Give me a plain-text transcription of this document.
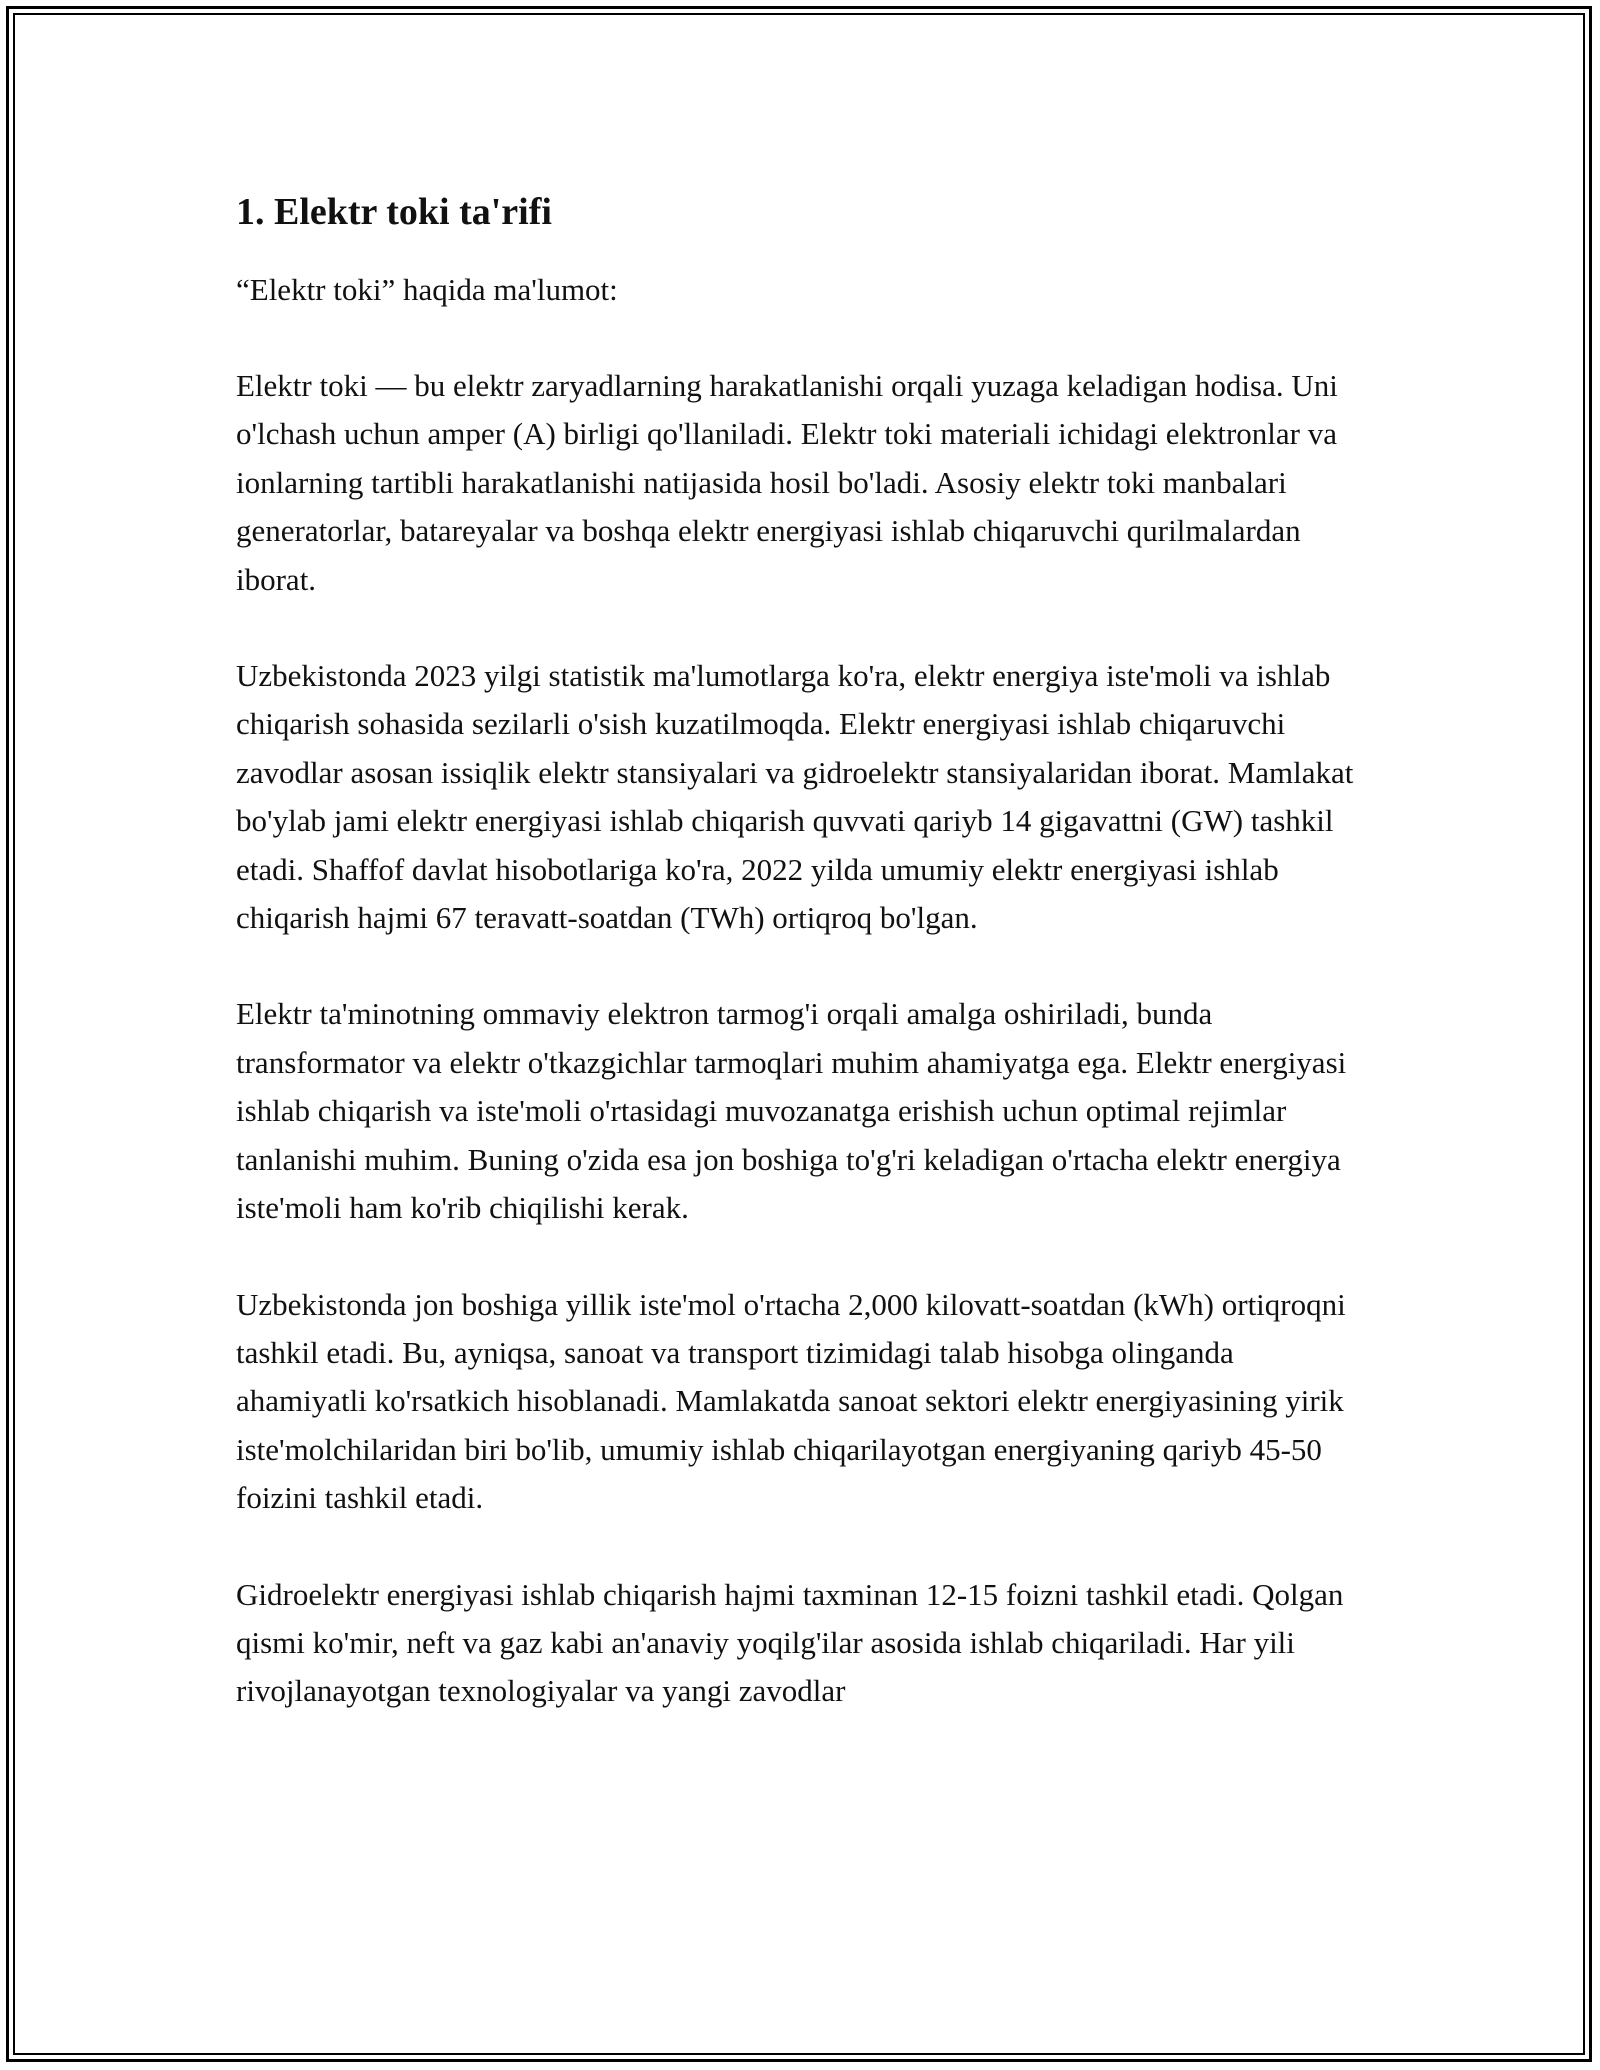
1. Elektr toki ta'rifi

“Elektr toki” haqida ma'lumot:

Elektr toki — bu elektr zaryadlarning harakatlanishi orqali yuzaga keladigan hodisa. Uni o'lchash uchun amper (A) birligi qo'llaniladi. Elektr toki materiali ichidagi elektronlar va ionlarning tartibli harakatlanishi natijasida hosil bo'ladi. Asosiy elektr toki manbalari generatorlar, batareyalar va boshqa elektr energiyasi ishlab chiqaruvchi qurilmalardan iborat.

Uzbekistonda 2023 yilgi statistik ma'lumotlarga ko'ra, elektr energiya iste'moli va ishlab chiqarish sohasida sezilarli o'sish kuzatilmoqda. Elektr energiyasi ishlab chiqaruvchi zavodlar asosan issiqlik elektr stansiyalari va gidroelektr stansiyalaridan iborat. Mamlakat bo'ylab jami elektr energiyasi ishlab chiqarish quvvati qariyb 14 gigavattni (GW) tashkil etadi. Shaffof davlat hisobotlariga ko'ra, 2022 yilda umumiy elektr energiyasi ishlab chiqarish hajmi 67 teravatt-soatdan (TWh) ortiqroq bo'lgan.

Elektr ta'minotning ommaviy elektron tarmog'i orqali amalga oshiriladi, bunda transformator va elektr o'tkazgichlar tarmoqlari muhim ahamiyatga ega. Elektr energiyasi ishlab chiqarish va iste'moli o'rtasidagi muvozanatga erishish uchun optimal rejimlar tanlanishi muhim. Buning o'zida esa jon boshiga to'g'ri keladigan o'rtacha elektr energiya iste'moli ham ko'rib chiqilishi kerak.

Uzbekistonda jon boshiga yillik iste'mol o'rtacha 2,000 kilovatt-soatdan (kWh) ortiqroqni tashkil etadi. Bu, ayniqsa, sanoat va transport tizimidagi talab hisobga olinganda ahamiyatli ko'rsatkich hisoblanadi. Mamlakatda sanoat sektori elektr energiyasining yirik iste'molchilaridan biri bo'lib, umumiy ishlab chiqarilayotgan energiyaning qariyb 45-50 foizini tashkil etadi.

Gidroelektr energiyasi ishlab chiqarish hajmi taxminan 12-15 foizni tashkil etadi. Qolgan qismi ko'mir, neft va gaz kabi an'anaviy yoqilg'ilar asosida ishlab chiqariladi. Har yili rivojlanayotgan texnologiyalar va yangi zavodlar
